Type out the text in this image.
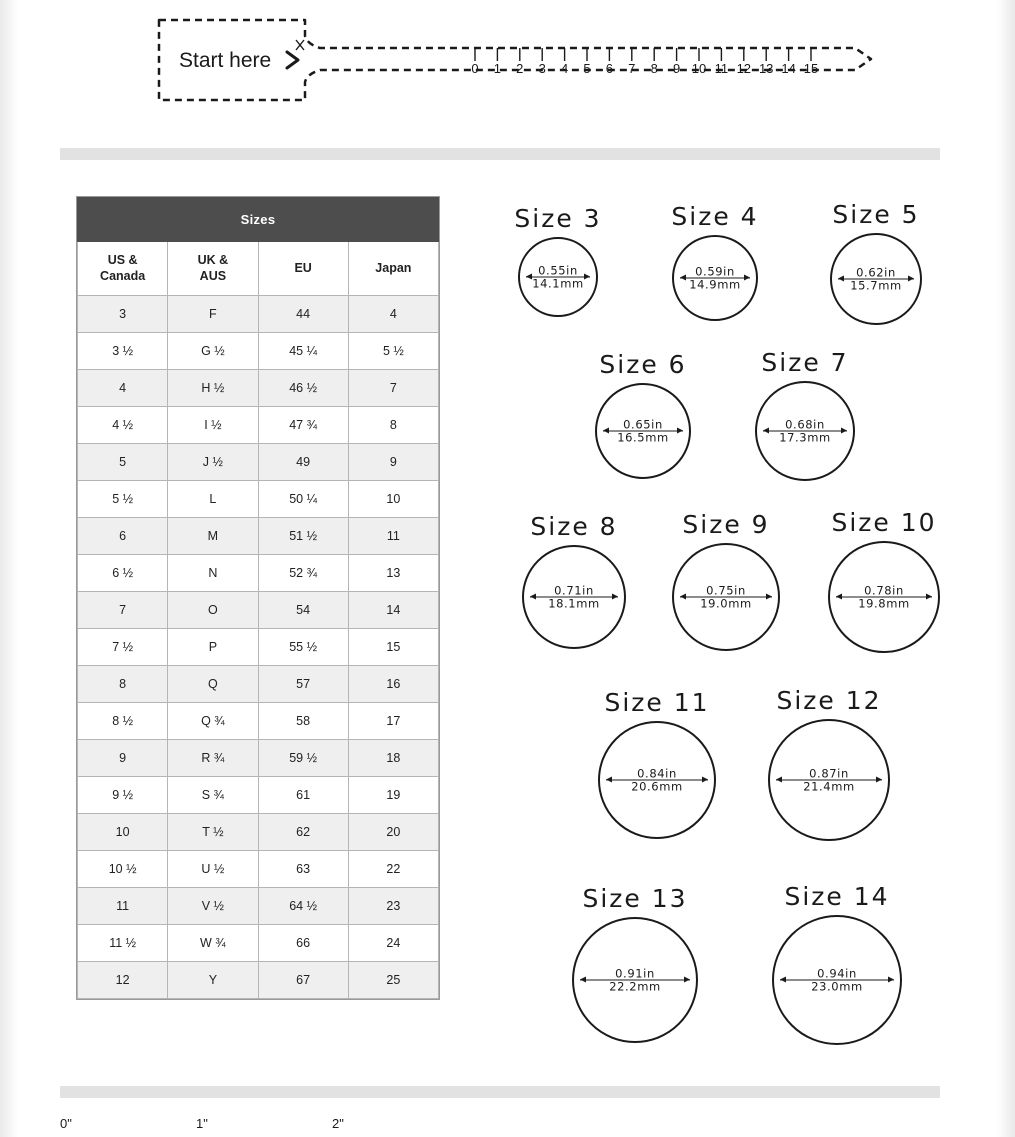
Start here	0 1 2 3 4 5 6 7 8 9 10 11 12 13 14 15
Sizes			
US &
Canada	UK &
AUS	EU	Japan
3	F	44	4
3 ½	G ½	45 ¼	5 ½
4	H ½	46 ½	7
4 ½	I ½	47 ¾	8
5	J ½	49	9
5 ½	L	50 ¼	10
6	M	51 ½	11
6 ½	N	52 ¾	13
7	O	54	14
7 ½	P	55 ½	15
8	Q	57	16
8 ½	Q ¾	58	17
9	R ¾	59 ½	18
9 ½	S ¾	61	19
10	T ½	62	20
10 ½	U ½	63	22
11	V ½	64 ½	23
11 ½	W ¾	66	24
12	Y	67	25
Size 3
0.55in
14.1mm
Size 4
0.59in
14.9mm
Size 5
0.62in
15.7mm
Size 6
0.65in
16.5mm
Size 7
0.68in
17.3mm
Size 8
0.71in
18.1mm
Size 9
0.75in
19.0mm
Size 10
0.78in
19.8mm
Size 11
0.84in
20.6mm
Size 12
0.87in
21.4mm
Size 13
0.91in
22.2mm
Size 14
0.94in
23.0mm
0"	1"	2"
